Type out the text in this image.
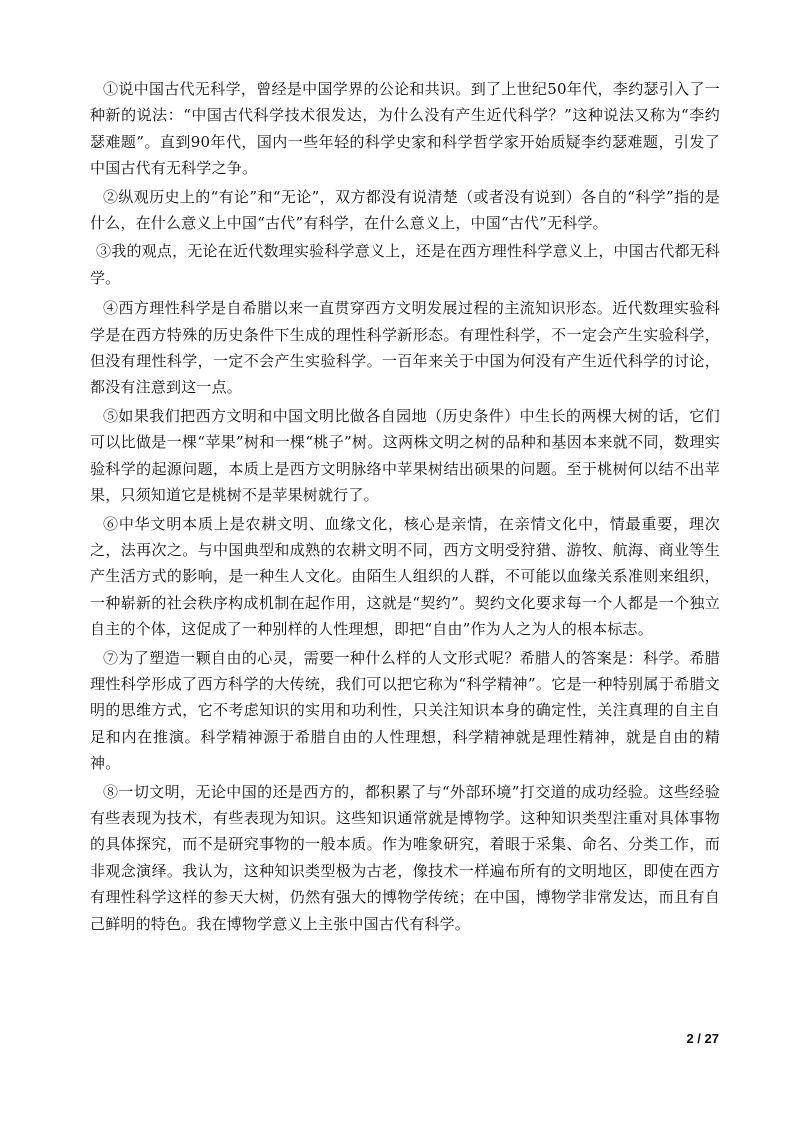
①说中国古代无科学，曾经是中国学界的公论和共识。到了上世纪50年代，李约瑟引入了一种新的说法：“中国古代科学技术很发达，为什么没有产生近代科学？”这种说法又称为“李约瑟难题”。直到90年代，国内一些年轻的科学史家和科学哲学家开始质疑李约瑟难题，引发了中国古代有无科学之争。

②纵观历史上的“有论”和“无论”，双方都没有说清楚（或者没有说到）各自的“科学”指的是什么，在什么意义上中国“古代”有科学，在什么意义上，中国“古代”无科学。

③我的观点，无论在近代数理实验科学意义上，还是在西方理性科学意义上，中国古代都无科学。

④西方理性科学是自希腊以来一直贯穿西方文明发展过程的主流知识形态。近代数理实验科学是在西方特殊的历史条件下生成的理性科学新形态。有理性科学，不一定会产生实验科学，但没有理性科学，一定不会产生实验科学。一百年来关于中国为何没有产生近代科学的讨论，都没有注意到这一点。

⑤如果我们把西方文明和中国文明比做各自园地（历史条件）中生长的两棵大树的话，它们可以比做是一棵“苹果”树和一棵“桃子”树。这两株文明之树的品种和基因本来就不同，数理实验科学的起源问题，本质上是西方文明脉络中苹果树结出硕果的问题。至于桃树何以结不出苹果，只须知道它是桃树不是苹果树就行了。

⑥中华文明本质上是农耕文明、血缘文化，核心是亲情，在亲情文化中，情最重要，理次之，法再次之。与中国典型和成熟的农耕文明不同，西方文明受狩猎、游牧、航海、商业等生产生活方式的影响，是一种生人文化。由陌生人组织的人群，不可能以血缘关系准则来组织，一种崭新的社会秩序构成机制在起作用，这就是“契约”。契约文化要求每一个人都是一个独立自主的个体，这促成了一种别样的人性理想，即把“自由”作为人之为人的根本标志。

⑦为了塑造一颗自由的心灵，需要一种什么样的人文形式呢？希腊人的答案是：科学。希腊理性科学形成了西方科学的大传统，我们可以把它称为“科学精神”。它是一种特别属于希腊文明的思维方式，它不考虑知识的实用和功利性，只关注知识本身的确定性，关注真理的自主自足和内在推演。科学精神源于希腊自由的人性理想，科学精神就是理性精神，就是自由的精神。

⑧一切文明，无论中国的还是西方的，都积累了与“外部环境”打交道的成功经验。这些经验有些表现为技术，有些表现为知识。这些知识通常就是博物学。这种知识类型注重对具体事物的具体探究，而不是研究事物的一般本质。作为唯象研究，着眼于采集、命名、分类工作，而非观念演绎。我认为，这种知识类型极为古老，像技术一样遍布所有的文明地区，即使在西方有理性科学这样的参天大树，仍然有强大的博物学传统；在中国，博物学非常发达，而且有自己鲜明的特色。我在博物学意义上主张中国古代有科学。

2 / 27
